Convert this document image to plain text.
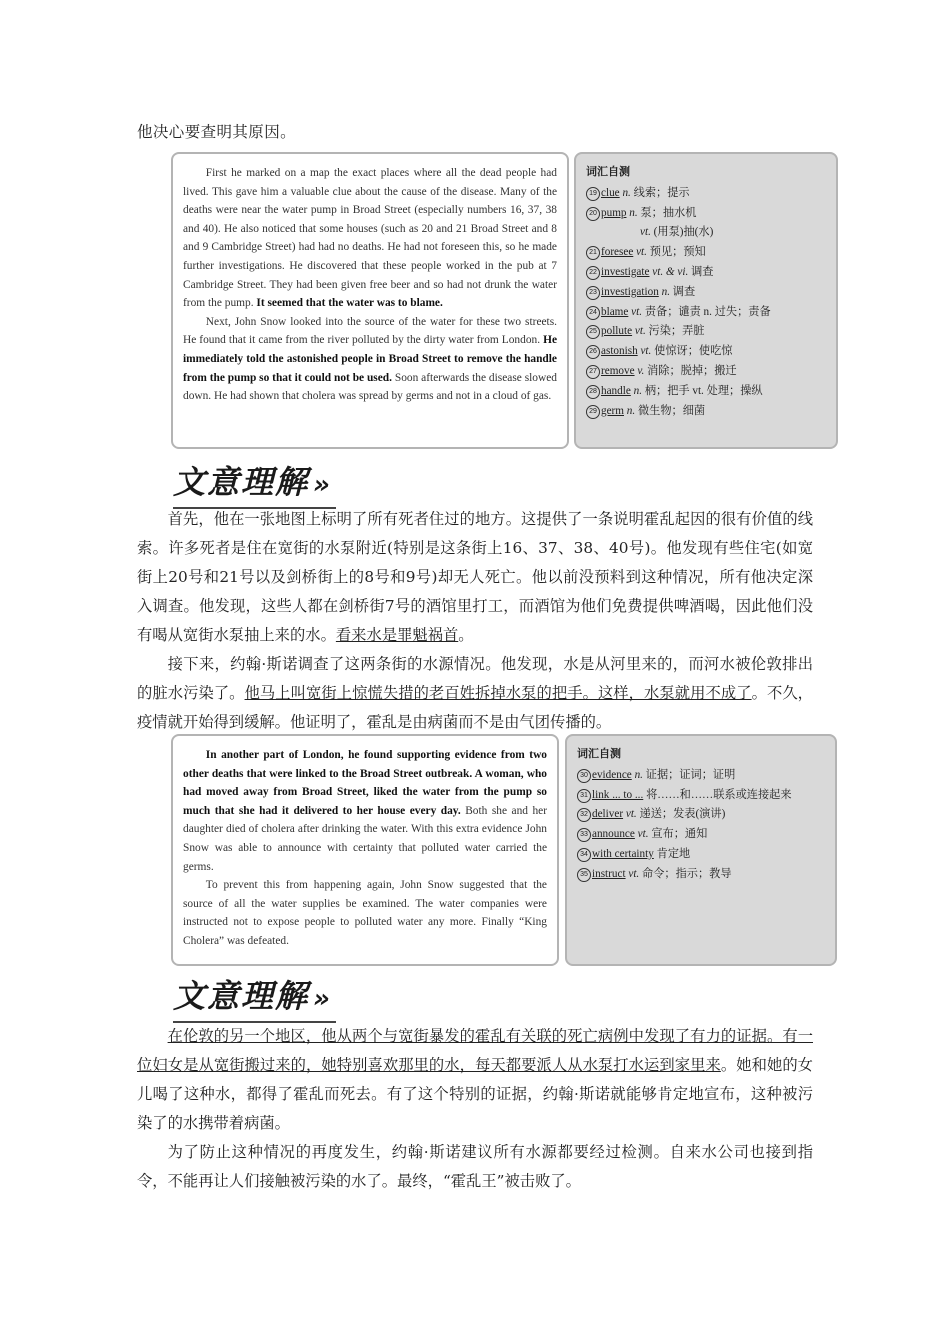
他决心要查明其原因。

First he marked on a map the exact places where all the dead people had lived. This gave him a valuable clue about the cause of the disease. Many of the deaths were near the water pump in Broad Street (especially numbers 16, 37, 38 and 40). He also noticed that some houses (such as 20 and 21 Broad Street and 8 and 9 Cambridge Street) had had no deaths. He had not foreseen this, so he made further investigations. He discovered that these people worked in the pub at 7 Cambridge Street. They had been given free beer and so had not drunk the water from the pump. It seemed that the water was to blame.

Next, John Snow looked into the source of the water for these two streets. He found that it came from the river polluted by the dirty water from London. He immediately told the astonished people in Broad Street to remove the handle from the pump so that it could not be used. Soon afterwards the disease slowed down. He had shown that cholera was spread by germs and not in a cloud of gas.

词汇自测
19 clue n. 线索；提示
20 pump n. 泵；抽水机
vt. (用泵)抽(水)
21 foresee vt. 预见；预知
22 investigate vt. & vi. 调查
23 investigation n. 调查
24 blame vt. 责备；谴责 n. 过失；责备
25 pollute vt. 污染；弄脏
26 astonish vt. 使惊讶；使吃惊
27 remove v. 消除；脱掉；搬迁
28 handle n. 柄；把手 vt. 处理；操纵
29 germ n. 微生物；细菌
文意理解 »

首先，他在一张地图上标明了所有死者住过的地方。这提供了一条说明霍乱起因的很有价值的线索。许多死者是住在宽街的水泵附近(特别是这条街上16、37、38、40号)。他发现有些住宅(如宽街上20号和21号以及剑桥街上的8号和9号)却无人死亡。他以前没预料到这种情况，所有他决定深入调查。他发现，这些人都在剑桥街7号的酒馆里打工，而酒馆为他们免费提供啤酒喝，因此他们没有喝从宽街水泵抽上来的水。看来水是罪魁祸首。

接下来，约翰·斯诺调查了这两条街的水源情况。他发现，水是从河里来的，而河水被伦敦排出的脏水污染了。他马上叫宽街上惊慌失措的老百姓拆掉水泵的把手。这样，水泵就用不成了。不久，疫情就开始得到缓解。他证明了，霍乱是由病菌而不是由气团传播的。

In another part of London, he found supporting evidence from two other deaths that were linked to the Broad Street outbreak. A woman, who had moved away from Broad Street, liked the water from the pump so much that she had it delivered to her house every day. Both she and her daughter died of cholera after drinking the water. With this extra evidence John Snow was able to announce with certainty that polluted water carried the germs.

To prevent this from happening again, John Snow suggested that the source of all the water supplies be examined. The water companies were instructed not to expose people to polluted water any more. Finally “King Cholera” was defeated.

词汇自测
30 evidence n. 证据；证词；证明
31 link ... to ... 将……和……联系或连接起来
32 deliver vt. 递送；发表(演讲)
33 announce vt. 宣布；通知
34 with certainty 肯定地
35 instruct vt. 命令；指示；教导
文意理解 »

在伦敦的另一个地区，他从两个与宽街暴发的霍乱有关联的死亡病例中发现了有力的证据。有一位妇女是从宽街搬过来的，她特别喜欢那里的水，每天都要派人从水泵打水运到家里来。她和她的女儿喝了这种水，都得了霍乱而死去。有了这个特别的证据，约翰·斯诺就能够肯定地宣布，这种被污染了的水携带着病菌。

为了防止这种情况的再度发生，约翰·斯诺建议所有水源都要经过检测。自来水公司也接到指令，不能再让人们接触被污染的水了。最终，“霍乱王”被击败了。
